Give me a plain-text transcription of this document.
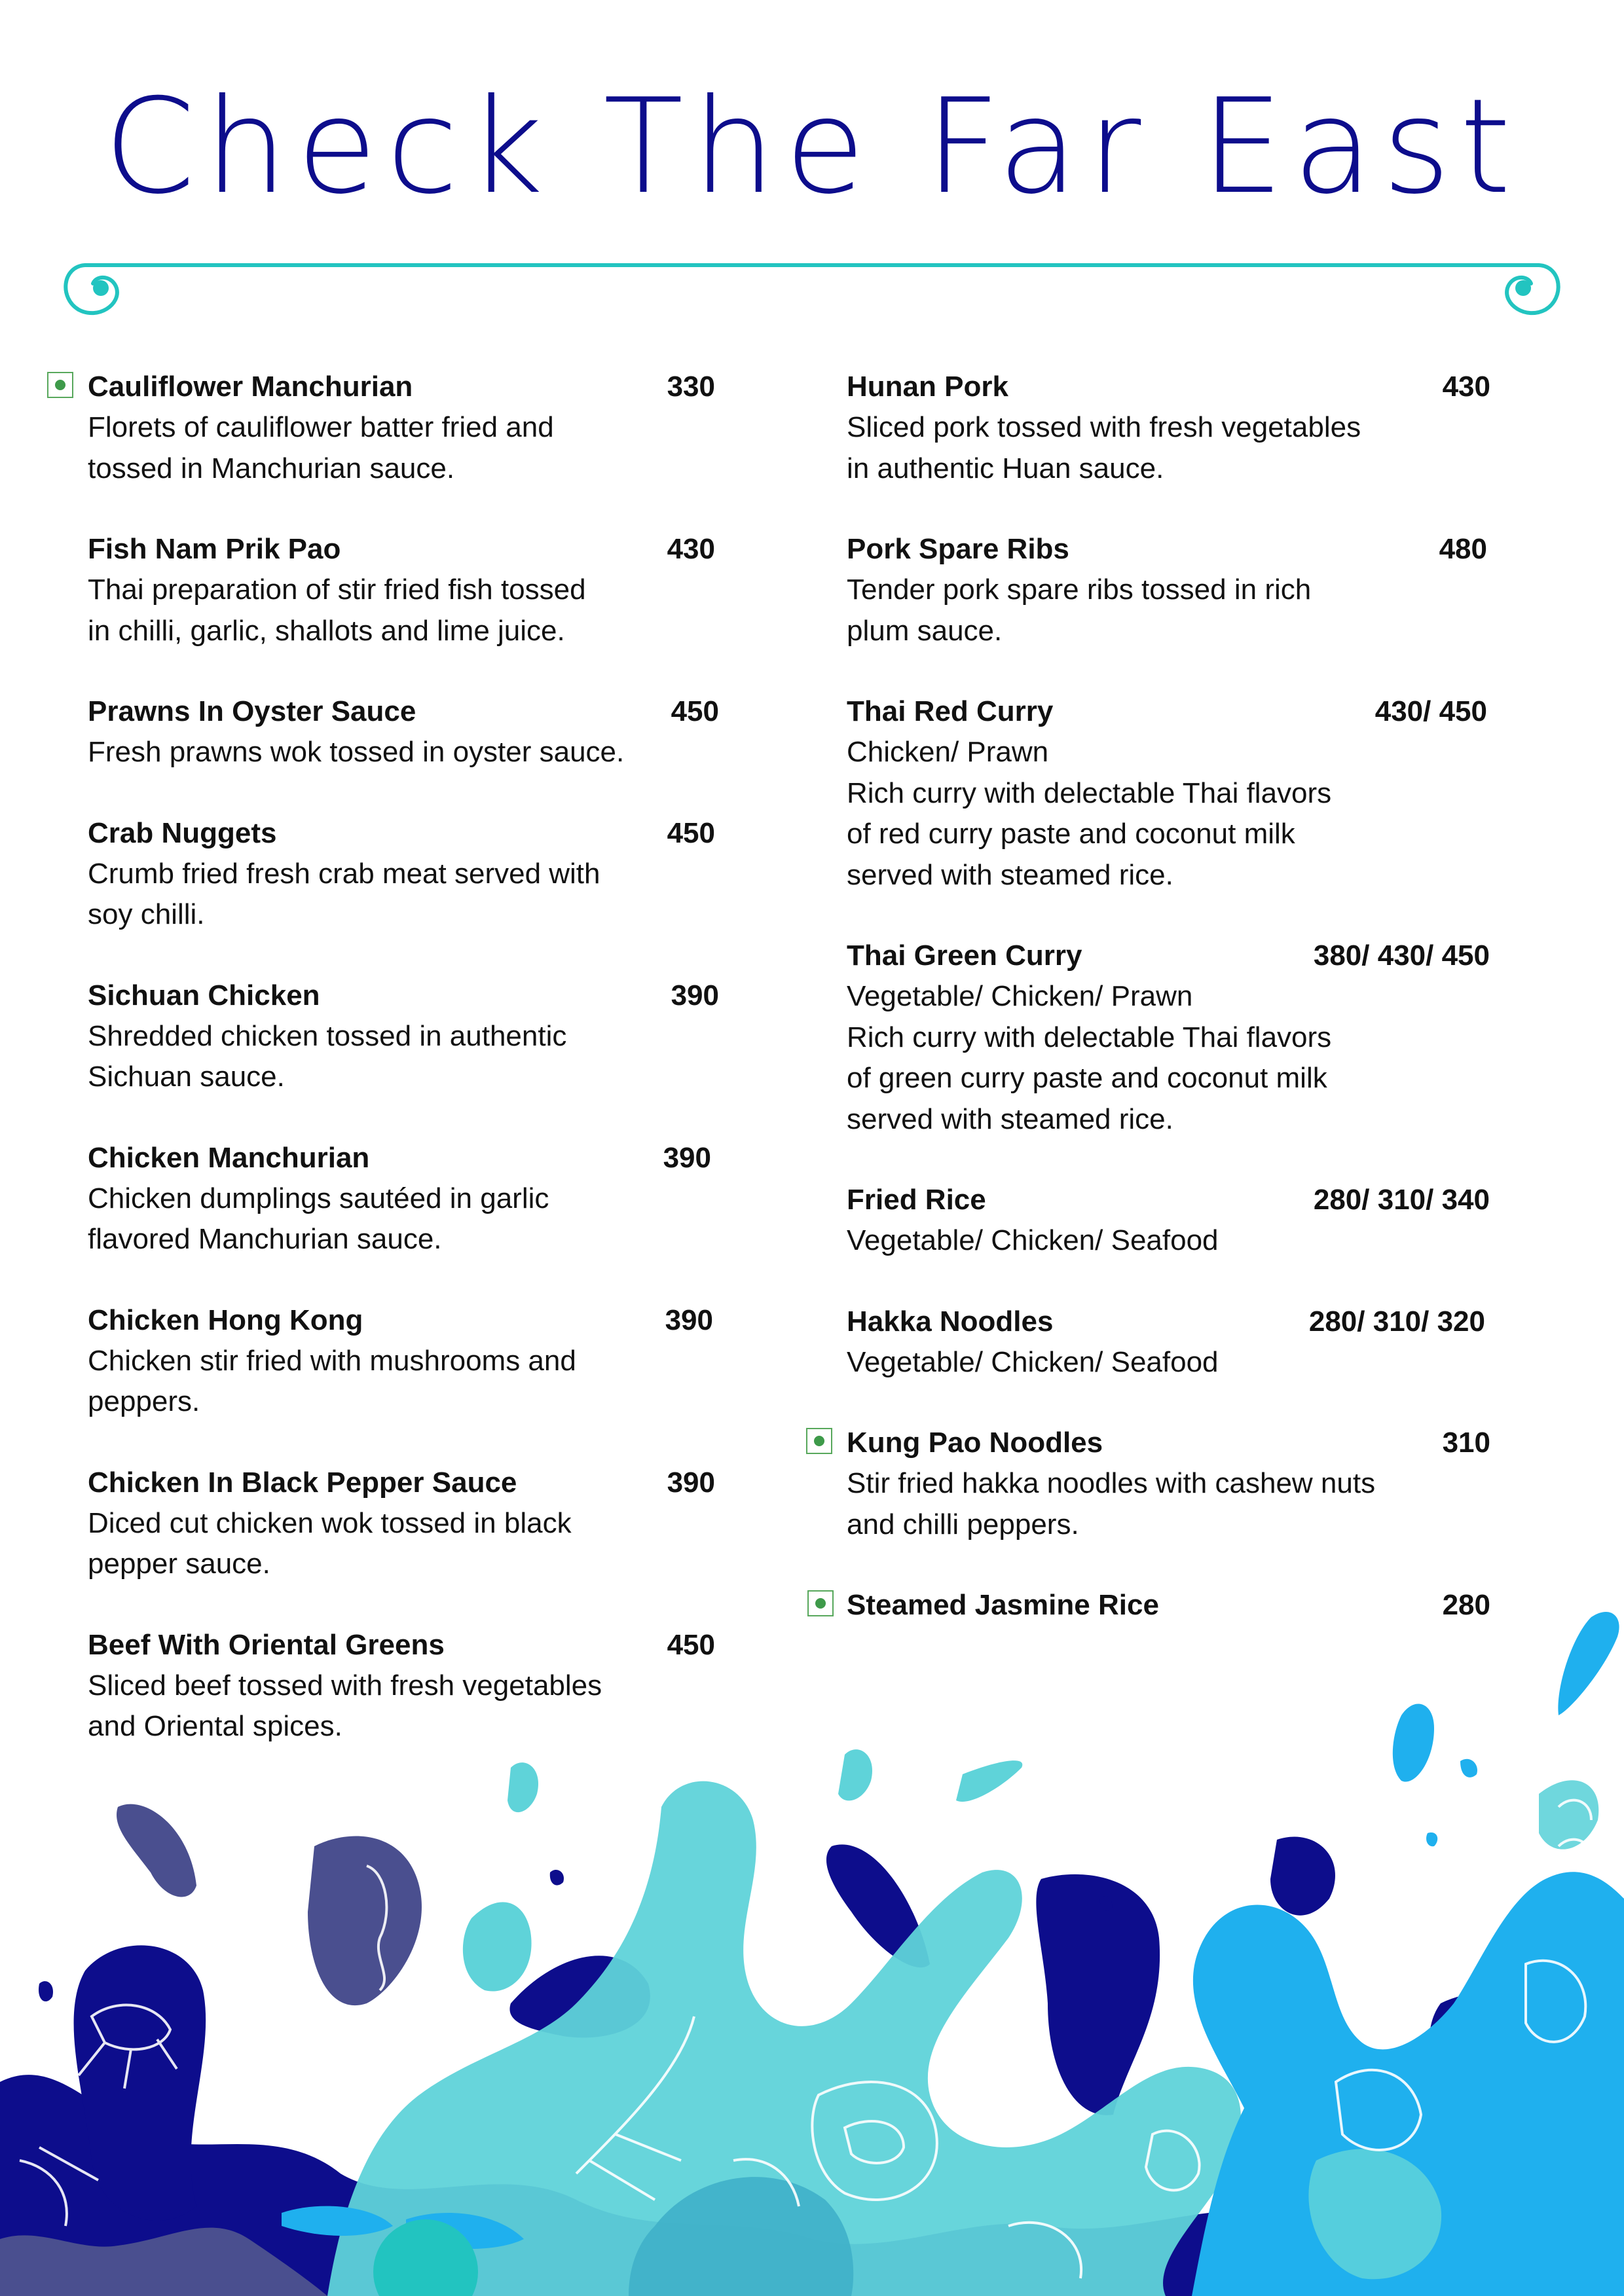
Check The Far East
Cauliflower Manchurian	330
Florets of cauliflower batter fried and
tossed in Manchurian sauce.
Fish Nam Prik Pao	430
Thai preparation of stir fried fish tossed
in chilli, garlic, shallots and lime juice.
Prawns In Oyster Sauce	450
Fresh prawns wok tossed in oyster sauce.
Crab Nuggets	450
Crumb fried fresh crab meat served with
soy chilli.
Sichuan Chicken	390
Shredded chicken tossed in authentic
Sichuan sauce.
Chicken Manchurian	390
Chicken dumplings sautéed in garlic
flavored Manchurian sauce.
Chicken Hong Kong	390
Chicken stir fried with mushrooms and
peppers.
Chicken In Black Pepper Sauce	390
Diced cut chicken wok tossed in black
pepper sauce.
Beef With Oriental Greens	450
Sliced beef tossed with fresh vegetables
and Oriental spices.
Hunan Pork	430
Sliced pork tossed with fresh vegetables
in authentic Huan sauce.
Pork Spare Ribs	480
Tender pork spare ribs tossed in rich
plum sauce.
Thai Red Curry	430/ 450
Chicken/ Prawn
Rich curry with delectable Thai flavors
of red curry paste and coconut milk
served with steamed rice.
Thai Green Curry	380/ 430/ 450
Vegetable/ Chicken/ Prawn
Rich curry with delectable Thai flavors
of green curry paste and coconut milk
served with steamed rice.
Fried Rice	280/ 310/ 340
Vegetable/ Chicken/ Seafood
Hakka Noodles	280/ 310/ 320
Vegetable/ Chicken/ Seafood
Kung Pao Noodles	310
Stir fried hakka noodles with cashew nuts
and chilli peppers.
Steamed Jasmine Rice	280
